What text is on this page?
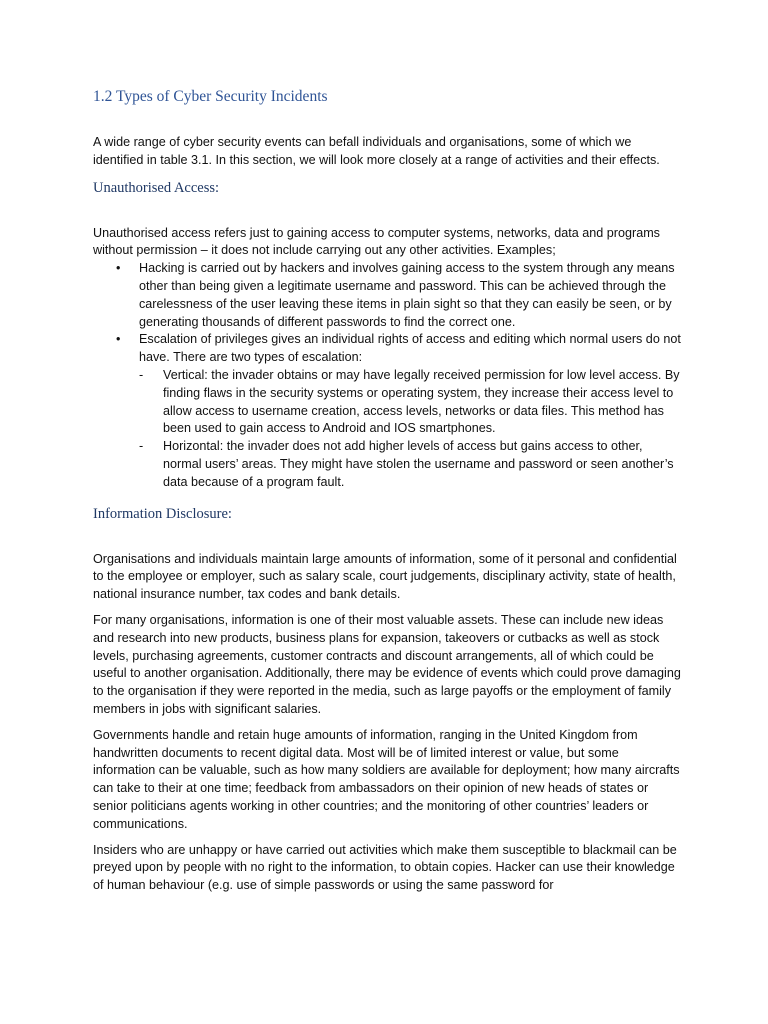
1.2 Types of Cyber Security Incidents

A wide range of cyber security events can befall individuals and organisations, some of which we identified in table 3.1. In this section, we will look more closely at a range of activities and their effects.

Unauthorised Access:

Unauthorised access refers just to gaining access to computer systems, networks, data and programs without permission – it does not include carrying out any other activities. Examples;

• Hacking is carried out by hackers and involves gaining access to the system through any means other than being given a legitimate username and password. This can be achieved through the carelessness of the user leaving these items in plain sight so that they can easily be seen, or by generating thousands of different passwords to find the correct one.
• Escalation of privileges gives an individual rights of access and editing which normal users do not have. There are two types of escalation:
- Vertical: the invader obtains or may have legally received permission for low level access. By finding flaws in the security systems or operating system, they increase their access level to allow access to username creation, access levels, networks or data files. This method has been used to gain access to Android and IOS smartphones.
- Horizontal: the invader does not add higher levels of access but gains access to other, normal users’ areas. They might have stolen the username and password or seen another’s data because of a program fault.
Information Disclosure:

Organisations and individuals maintain large amounts of information, some of it personal and confidential to the employee or employer, such as salary scale, court judgements, disciplinary activity, state of health, national insurance number, tax codes and bank details.

For many organisations, information is one of their most valuable assets. These can include new ideas and research into new products, business plans for expansion, takeovers or cutbacks as well as stock levels, purchasing agreements, customer contracts and discount arrangements, all of which could be useful to another organisation. Additionally, there may be evidence of events which could prove damaging to the organisation if they were reported in the media, such as large payoffs or the employment of family members in jobs with significant salaries.

Governments handle and retain huge amounts of information, ranging in the United Kingdom from handwritten documents to recent digital data. Most will be of limited interest or value, but some information can be valuable, such as how many soldiers are available for deployment; how many aircrafts can take to their at one time; feedback from ambassadors on their opinion of new heads of states or senior politicians agents working in other countries; and the monitoring of other countries’ leaders or communications.

Insiders who are unhappy or have carried out activities which make them susceptible to blackmail can be preyed upon by people with no right to the information, to obtain copies. Hacker can use their knowledge of human behaviour (e.g. use of simple passwords or using the same password for
